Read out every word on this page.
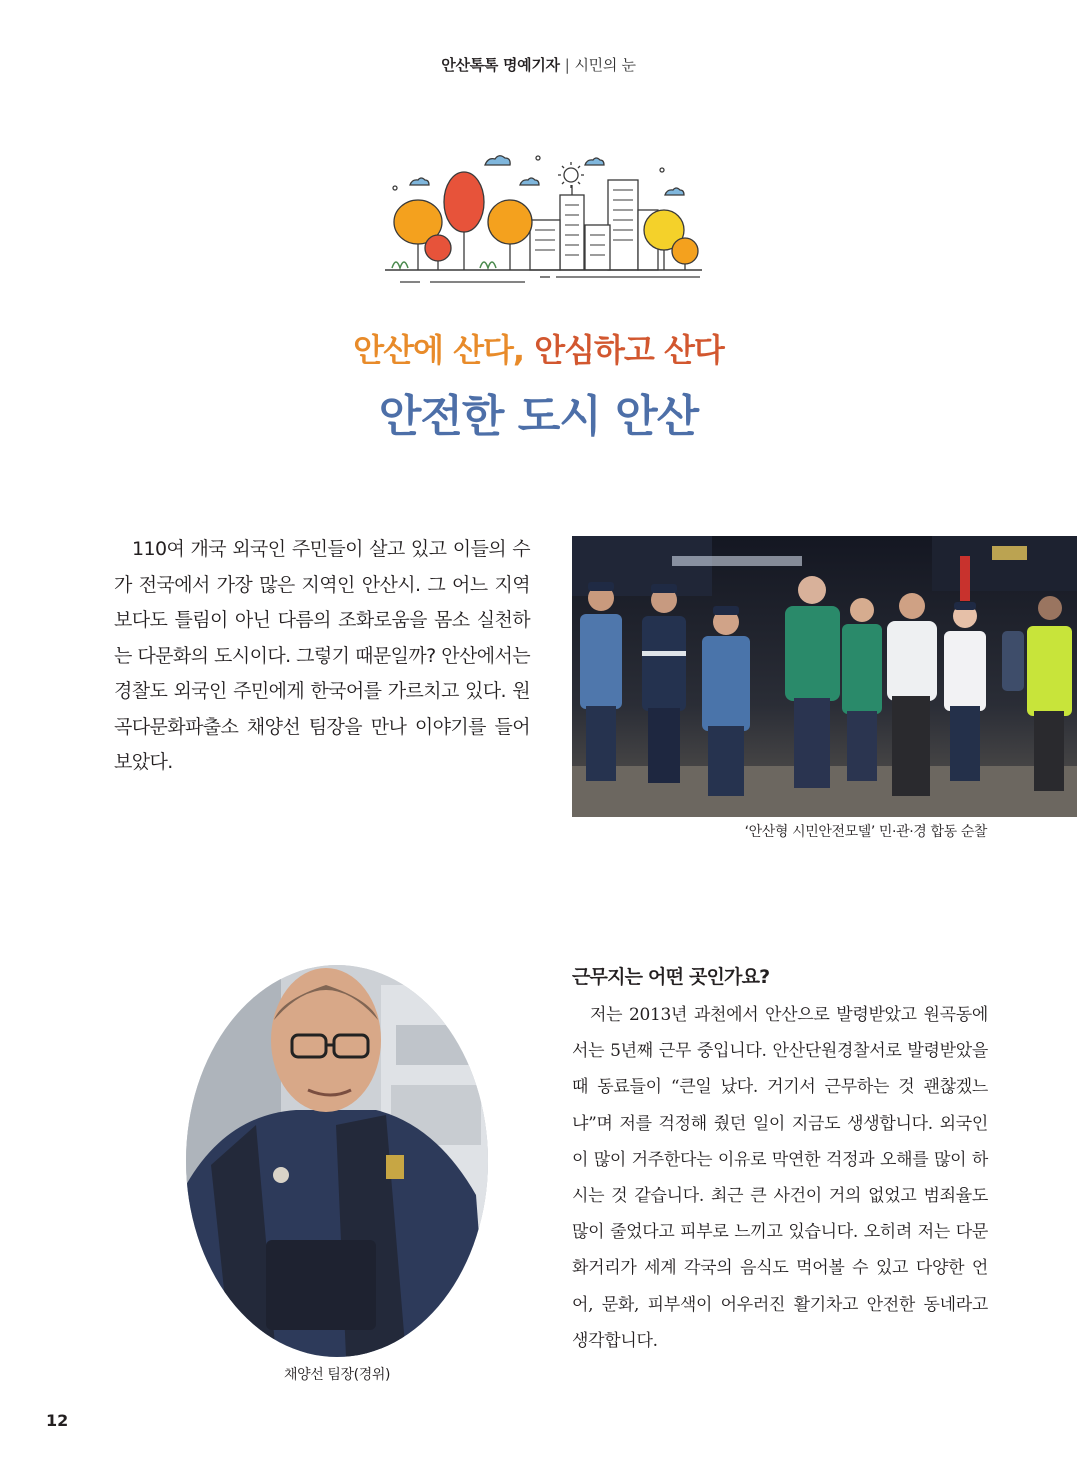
안산톡톡 명예기자 | 시민의 눈
안산에 산다, 안심하고 산다
안전한 도시 안산

110여 개국 외국인 주민들이 살고 있고 이들의 수가 전국에서 가장 많은 지역인 안산시. 그 어느 지역보다도 틀림이 아닌 다름의 조화로움을 몸소 실천하는 다문화의 도시이다. 그렇기 때문일까? 안산에서는 경찰도 외국인 주민에게 한국어를 가르치고 있다. 원곡다문화파출소 채양선 팀장을 만나 이야기를 들어 보았다.

‘안산형 시민안전모델’ 민·관·경 합동 순찰
채양선 팀장(경위)
근무지는 어떤 곳인가요?

저는 2013년 과천에서 안산으로 발령받았고 원곡동에서는 5년째 근무 중입니다. 안산단원경찰서로 발령받았을 때 동료들이 “큰일 났다. 거기서 근무하는 것 괜찮겠느냐”며 저를 걱정해 줬던 일이 지금도 생생합니다. 외국인이 많이 거주한다는 이유로 막연한 걱정과 오해를 많이 하시는 것 같습니다. 최근 큰 사건이 거의 없었고 범죄율도 많이 줄었다고 피부로 느끼고 있습니다. 오히려 저는 다문화거리가 세계 각국의 음식도 먹어볼 수 있고 다양한 언어, 문화, 피부색이 어우러진 활기차고 안전한 동네라고 생각합니다.

12
